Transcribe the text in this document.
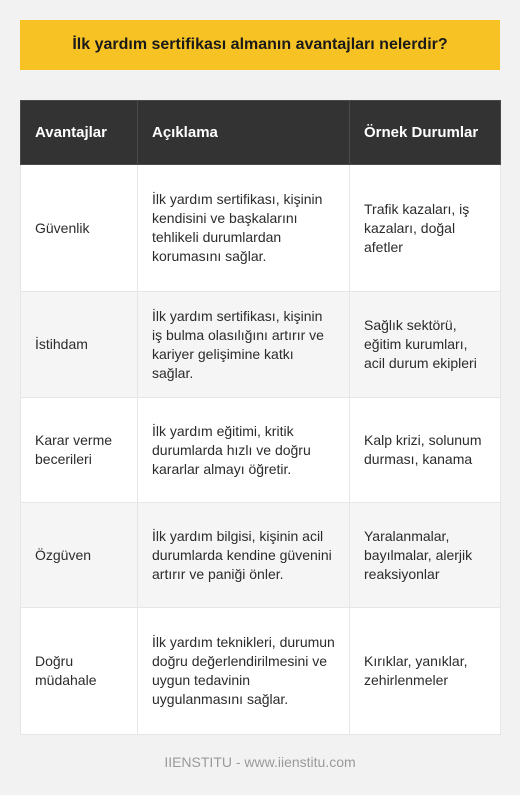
İlk yardım sertifikası almanın avantajları nelerdir?
Avantajlar	Açıklama	Örnek Durumlar
Güvenlik	İlk yardım sertifikası, kişinin kendisini ve başkalarını tehlikeli durumlardan korumasını sağlar.	Trafik kazaları, iş kazaları, doğal afetler
İstihdam	İlk yardım sertifikası, kişinin iş bulma olasılığını artırır ve kariyer gelişimine katkı sağlar.	Sağlık sektörü, eğitim kurumları, acil durum ekipleri
Karar verme becerileri	İlk yardım eğitimi, kritik durumlarda hızlı ve doğru kararlar almayı öğretir.	Kalp krizi, solunum durması, kanama
Özgüven	İlk yardım bilgisi, kişinin acil durumlarda kendine güvenini artırır ve paniği önler.	Yaralanmalar, bayılmalar, alerjik reaksiyonlar
Doğru müdahale	İlk yardım teknikleri, durumun doğru değerlendirilmesini ve uygun tedavinin uygulanmasını sağlar.	Kırıklar, yanıklar, zehirlenmeler
IIENSTITU - www.iienstitu.com
